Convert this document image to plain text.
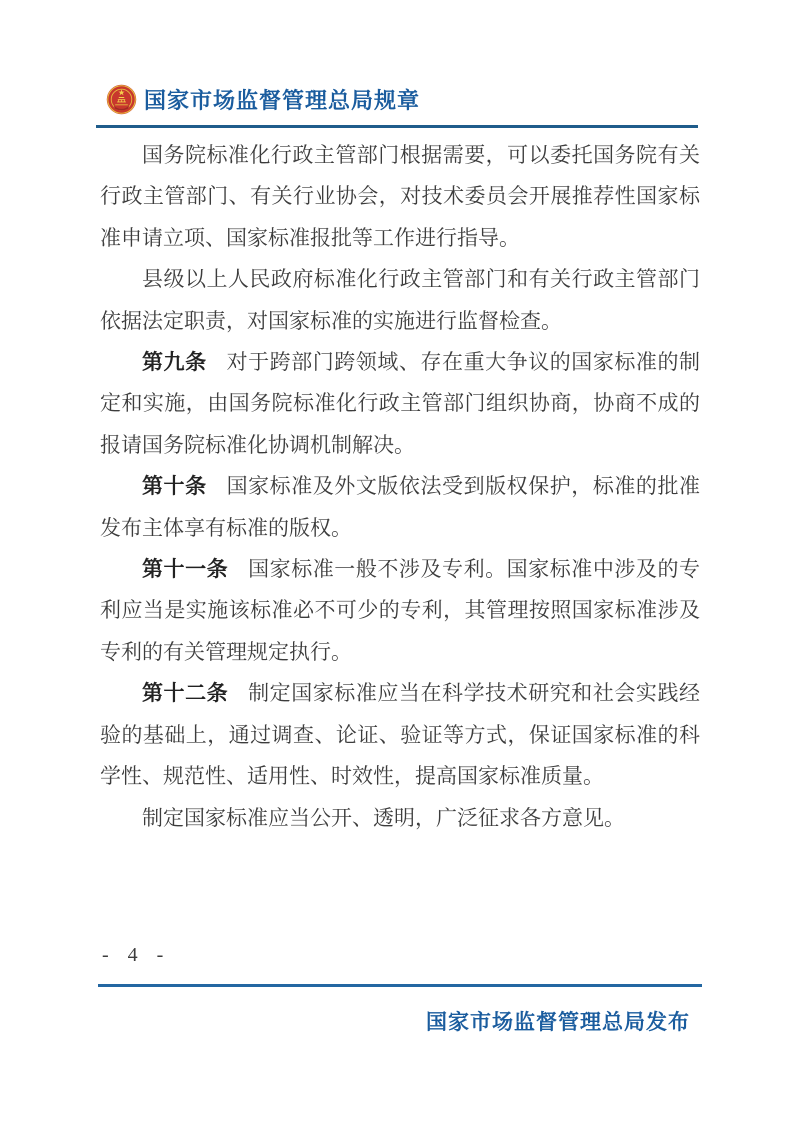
国家市场监督管理总局规章

国务院标准化行政主管部门根据需要，可以委托国务院有关行政主管部门、有关行业协会，对技术委员会开展推荐性国家标准申请立项、国家标准报批等工作进行指导。

县级以上人民政府标准化行政主管部门和有关行政主管部门依据法定职责，对国家标准的实施进行监督检查。

第九条 对于跨部门跨领域、存在重大争议的国家标准的制定和实施，由国务院标准化行政主管部门组织协商，协商不成的报请国务院标准化协调机制解决。

第十条 国家标准及外文版依法受到版权保护，标准的批准发布主体享有标准的版权。

第十一条 国家标准一般不涉及专利。国家标准中涉及的专利应当是实施该标准必不可少的专利，其管理按照国家标准涉及专利的有关管理规定执行。

第十二条 制定国家标准应当在科学技术研究和社会实践经验的基础上，通过调查、论证、验证等方式，保证国家标准的科学性、规范性、适用性、时效性，提高国家标准质量。

制定国家标准应当公开、透明，广泛征求各方意见。

- 4 -
国家市场监督管理总局发布
